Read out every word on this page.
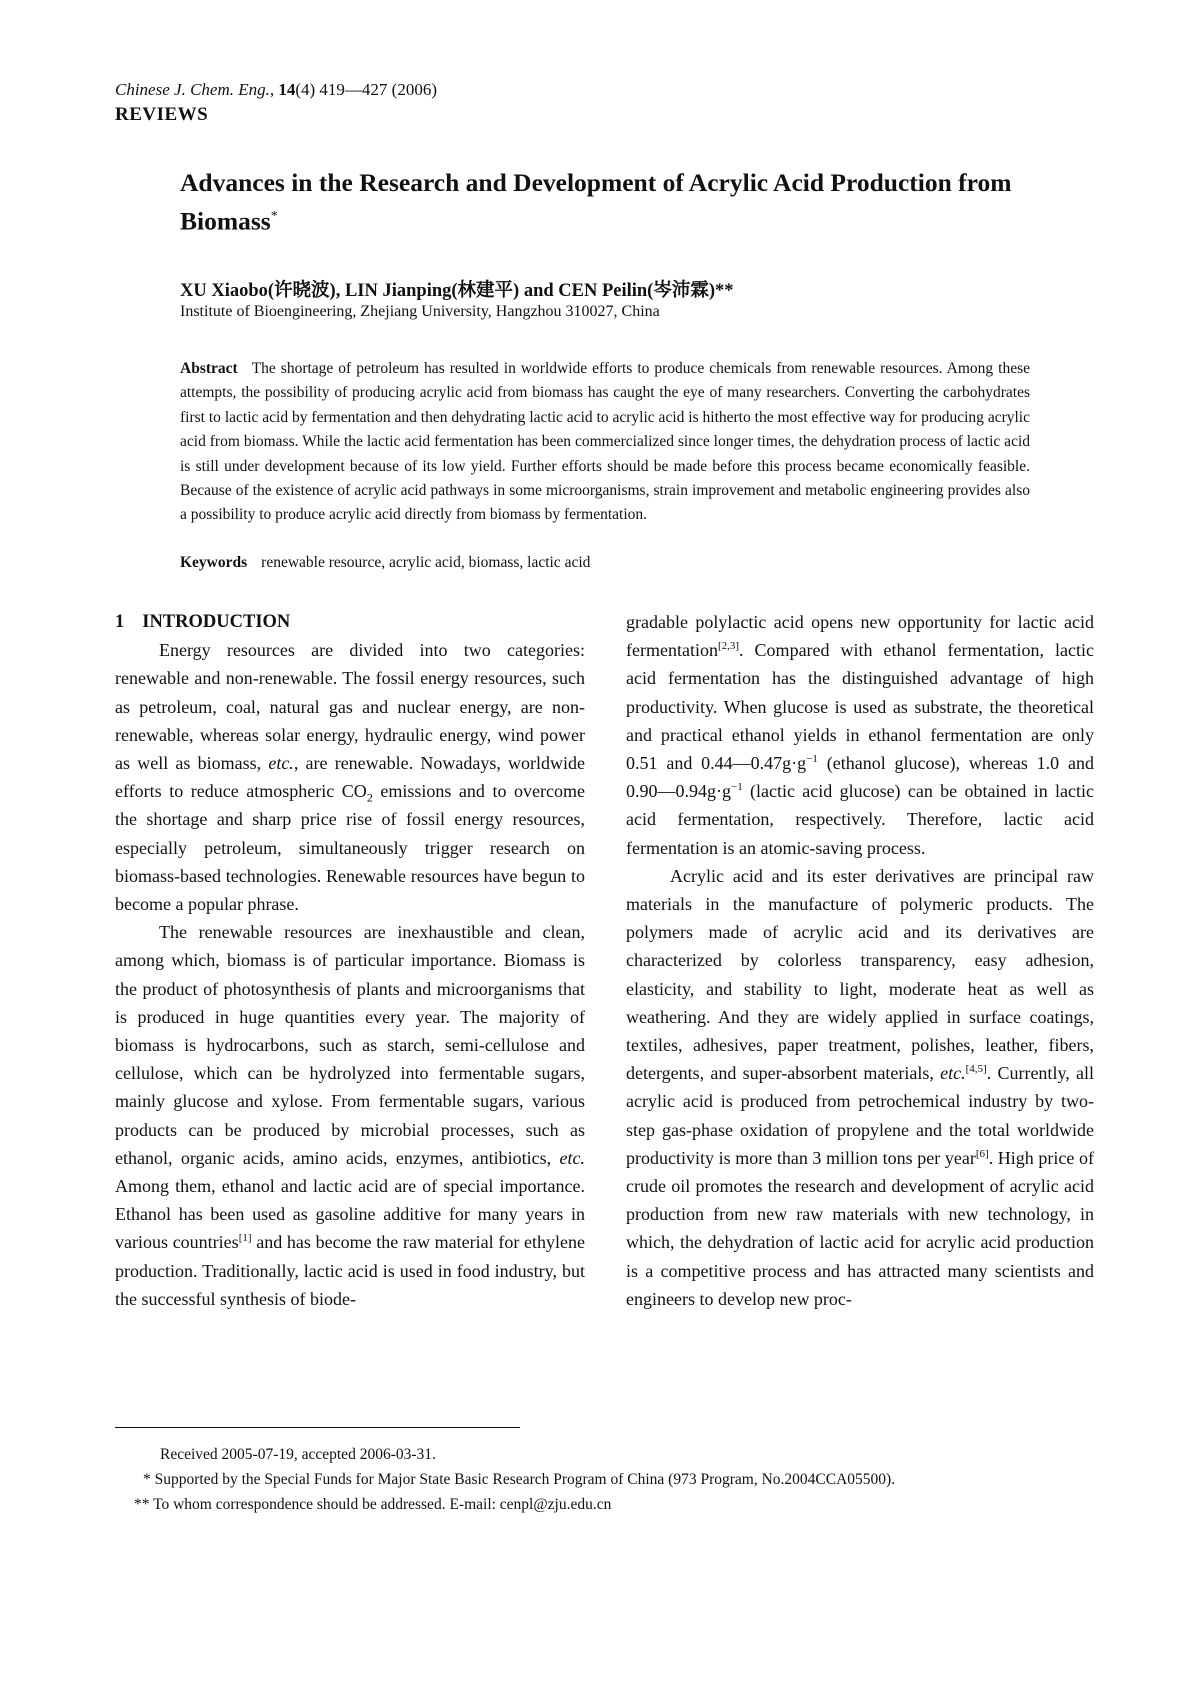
Chinese J. Chem. Eng., 14(4) 419—427 (2006)
REVIEWS
Advances in the Research and Development of Acrylic Acid Production from Biomass*
XU Xiaobo(许晓波), LIN Jianping(林建平) and CEN Peilin(岑沛霖)**
Institute of Bioengineering, Zhejiang University, Hangzhou 310027, China
Abstract The shortage of petroleum has resulted in worldwide efforts to produce chemicals from renewable resources. Among these attempts, the possibility of producing acrylic acid from biomass has caught the eye of many researchers. Converting the carbohydrates first to lactic acid by fermentation and then dehydrating lactic acid to acrylic acid is hitherto the most effective way for producing acrylic acid from biomass. While the lactic acid fermentation has been commercialized since longer times, the dehydration process of lactic acid is still under development because of its low yield. Further efforts should be made before this process became economically feasible. Because of the existence of acrylic acid pathways in some microorganisms, strain improvement and metabolic engineering provides also a possibility to produce acrylic acid directly from biomass by fermentation.
Keywords renewable resource, acrylic acid, biomass, lactic acid
1 INTRODUCTION

Energy resources are divided into two categories: renewable and non-renewable. The fossil energy resources, such as petroleum, coal, natural gas and nuclear energy, are non-renewable, whereas solar energy, hydraulic energy, wind power as well as biomass, etc., are renewable. Nowadays, worldwide efforts to reduce atmospheric $CO_2$ emissions and to overcome the shortage and sharp price rise of fossil energy resources, especially petroleum, simultaneously trigger research on biomass-based technologies. Renewable resources have begun to become a popular phrase.

The renewable resources are inexhaustible and clean, among which, biomass is of particular importance. Biomass is the product of photosynthesis of plants and microorganisms that is produced in huge quantities every year. The majority of biomass is hydrocarbons, such as starch, semi-cellulose and cellulose, which can be hydrolyzed into fermentable sugars, mainly glucose and xylose. From fermentable sugars, various products can be produced by microbial processes, such as ethanol, organic acids, amino acids, enzymes, antibiotics, etc. Among them, ethanol and lactic acid are of special importance. Ethanol has been used as gasoline additive for many years in various countries[1] and has become the raw material for ethylene production. Traditionally, lactic acid is used in food industry, but the successful synthesis of biode-

gradable polylactic acid opens new opportunity for lactic acid fermentation[2,3]. Compared with ethanol fermentation, lactic acid fermentation has the distinguished advantage of high productivity. When glucose is used as substrate, the theoretical and practical ethanol yields in ethanol fermentation are only 0.51 and $0.44—0.47g\cdot g^{-1}$ (ethanol glucose), whereas 1.0 and $0.90—0.94g\cdot g^{-1}$ (lactic acid glucose) can be obtained in lactic acid fermentation, respectively. Therefore, lactic acid fermentation is an atomic-saving process.

Acrylic acid and its ester derivatives are principal raw materials in the manufacture of polymeric products. The polymers made of acrylic acid and its derivatives are characterized by colorless transparency, easy adhesion, elasticity, and stability to light, moderate heat as well as weathering. And they are widely applied in surface coatings, textiles, adhesives, paper treatment, polishes, leather, fibers, detergents, and super-absorbent materials, etc.[4,5]. Currently, all acrylic acid is produced from petrochemical industry by two-step gas-phase oxidation of propylene and the total worldwide productivity is more than 3 million tons per year[6]. High price of crude oil promotes the research and development of acrylic acid production from new raw materials with new technology, in which, the dehydration of lactic acid for acrylic acid production is a competitive process and has attracted many scientists and engineers to develop new proc-

Received 2005-07-19, accepted 2006-03-31.
* Supported by the Special Funds for Major State Basic Research Program of China (973 Program, No.2004CCA05500).
** To whom correspondence should be addressed. E-mail: cenpl@zju.edu.cn
